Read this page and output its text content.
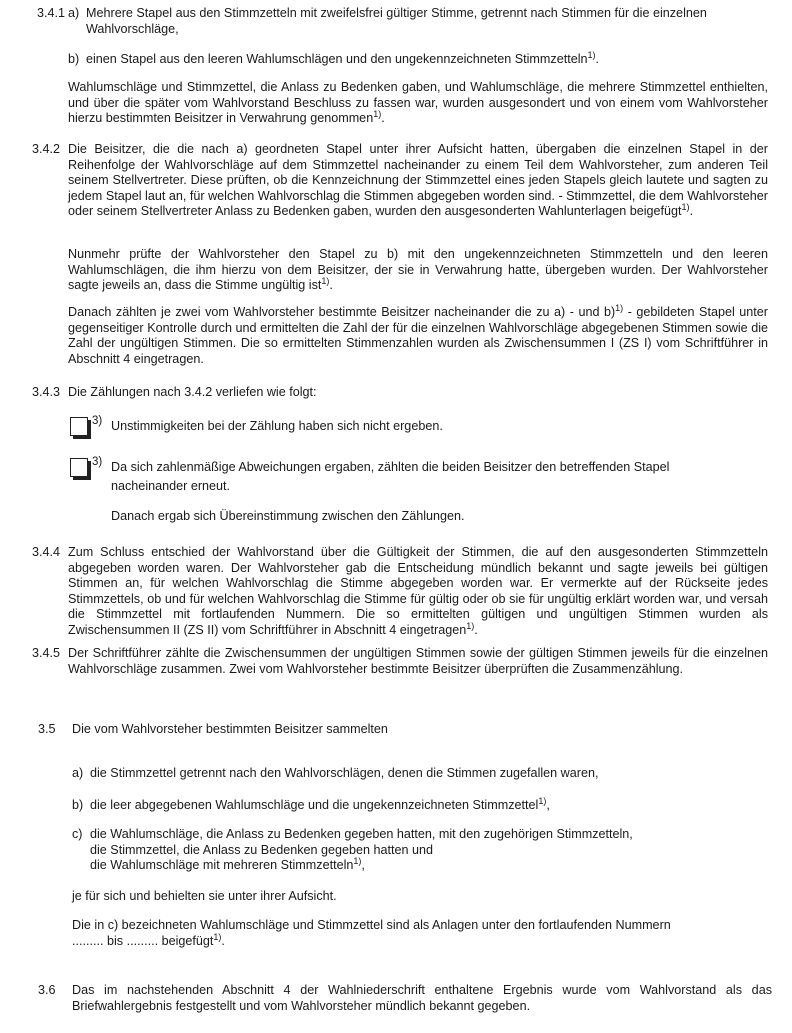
3.4.1 a) Mehrere Stapel aus den Stimmzetteln mit zweifelsfrei gültiger Stimme, getrennt nach Stimmen für die einzelnen
Wahlvorschläge,
b) einen Stapel aus den leeren Wahlumschlägen und den ungekennzeichneten Stimmzetteln$^{1)}$.
Wahlumschläge und Stimmzettel, die Anlass zu Bedenken gaben, und Wahlumschläge, die mehrere Stimmzettel enthielten, und über die später vom Wahlvorstand Beschluss zu fassen war, wurden ausgesondert und von einem vom Wahlvorsteher hierzu bestimmten Beisitzer in Verwahrung genommen$^{1)}$.
3.4.2 Die Beisitzer, die die nach a) geordneten Stapel unter ihrer Aufsicht hatten, übergaben die einzelnen Stapel in der Reihenfolge der Wahlvorschläge auf dem Stimmzettel nacheinander zu einem Teil dem Wahlvorsteher, zum anderen Teil seinem Stellvertreter. Diese prüften, ob die Kennzeichnung der Stimmzettel eines jeden Stapels gleich lautete und sagten zu jedem Stapel laut an, für welchen Wahlvorschlag die Stimmen abgegeben worden sind. - Stimmzettel, die dem Wahlvorsteher oder seinem Stellvertreter Anlass zu Bedenken gaben, wurden den ausgesonderten Wahlunterlagen beigefügt$^{1)}$.
Nunmehr prüfte der Wahlvorsteher den Stapel zu b) mit den ungekennzeichneten Stimmzetteln und den leeren Wahlumschlägen, die ihm hierzu von dem Beisitzer, der sie in Verwahrung hatte, übergeben wurden. Der Wahlvorsteher sagte jeweils an, dass die Stimme ungültig ist$^{1)}$.
Danach zählten je zwei vom Wahlvorsteher bestimmte Beisitzer nacheinander die zu a) - und b)$^{1)}$ - gebildeten Stapel unter gegenseitiger Kontrolle durch und ermittelten die Zahl der für die einzelnen Wahlvorschläge abgegebenen Stimmen sowie die Zahl der ungültigen Stimmen. Die so ermittelten Stimmenzahlen wurden als Zwischensummen I (ZS I) vom Schriftführer in Abschnitt 4 eingetragen.
3.4.3 Die Zählungen nach 3.4.2 verliefen wie folgt:
3) Unstimmigkeiten bei der Zählung haben sich nicht ergeben.
3) Da sich zahlenmäßige Abweichungen ergaben, zählten die beiden Beisitzer den betreffenden Stapel
nacheinander erneut.
Danach ergab sich Übereinstimmung zwischen den Zählungen.
3.4.4 Zum Schluss entschied der Wahlvorstand über die Gültigkeit der Stimmen, die auf den ausgesonderten Stimmzetteln abgegeben worden waren. Der Wahlvorsteher gab die Entscheidung mündlich bekannt und sagte jeweils bei gültigen Stimmen an, für welchen Wahlvorschlag die Stimme abgegeben worden war. Er vermerkte auf der Rückseite jedes Stimmzettels, ob und für welchen Wahlvorschlag die Stimme für gültig oder ob sie für ungültig erklärt worden war, und versah die Stimmzettel mit fortlaufenden Nummern. Die so ermittelten gültigen und ungültigen Stimmen wurden als Zwischensummen II (ZS II) vom Schriftführer in Abschnitt 4 eingetragen$^{1)}$.
3.4.5 Der Schriftführer zählte die Zwischensummen der ungültigen Stimmen sowie der gültigen Stimmen jeweils für die einzelnen Wahlvorschläge zusammen. Zwei vom Wahlvorsteher bestimmte Beisitzer überprüften die Zusammenzählung.
3.5 Die vom Wahlvorsteher bestimmten Beisitzer sammelten
a) die Stimmzettel getrennt nach den Wahlvorschlägen, denen die Stimmen zugefallen waren,
b) die leer abgegebenen Wahlumschläge und die ungekennzeichneten Stimmzettel$^{1)}$,
c) die Wahlumschläge, die Anlass zu Bedenken gegeben hatten, mit den zugehörigen Stimmzetteln,
die Stimmzettel, die Anlass zu Bedenken gegeben hatten und
die Wahlumschläge mit mehreren Stimmzetteln$^{1)}$,
je für sich und behielten sie unter ihrer Aufsicht.
Die in c) bezeichneten Wahlumschläge und Stimmzettel sind als Anlagen unter den fortlaufenden Nummern
......... bis ......... beigefügt$^{1)}$.
3.6 Das im nachstehenden Abschnitt 4 der Wahlniederschrift enthaltene Ergebnis wurde vom Wahlvorstand als das Briefwahlergebnis festgestellt und vom Wahlvorsteher mündlich bekannt gegeben.
